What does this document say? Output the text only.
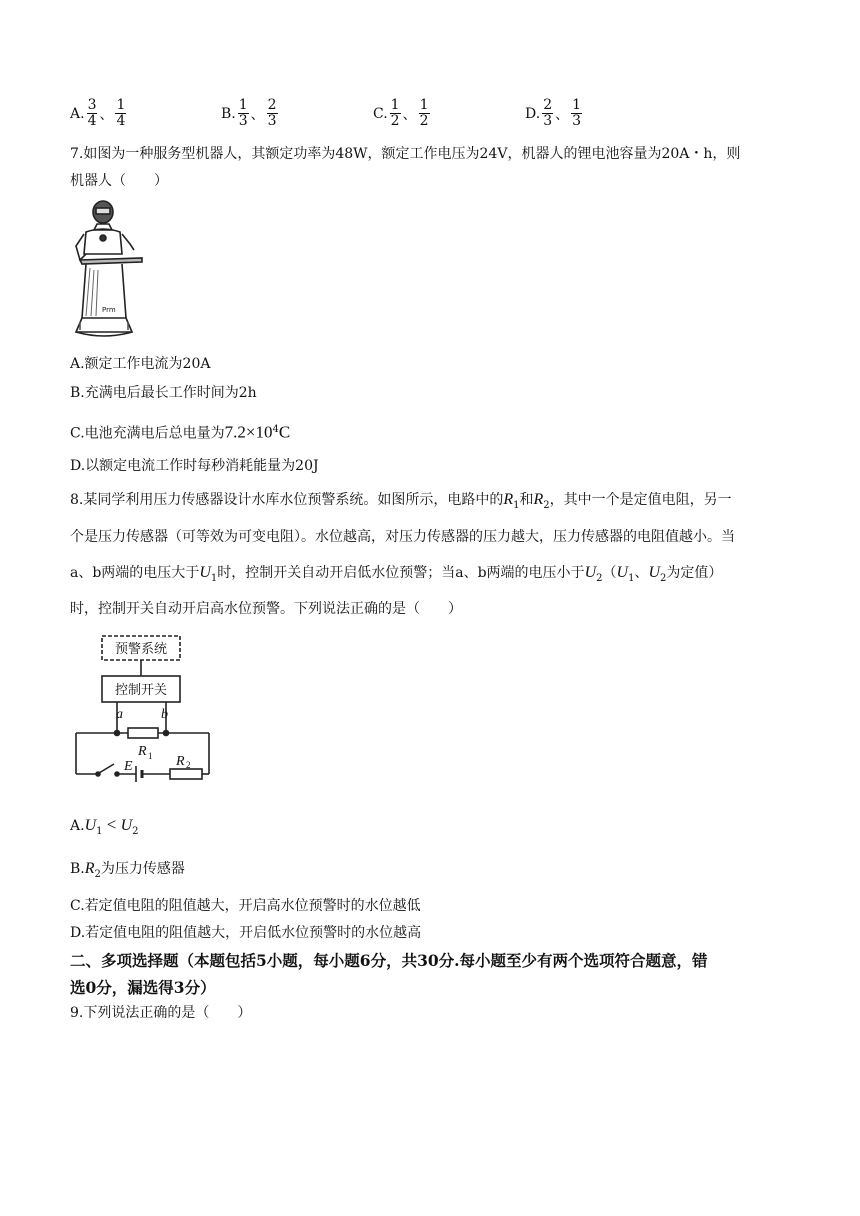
A. $\frac{3}{4}$ 、 $\frac{1}{4}$	B. $\frac{1}{3}$ 、 $\frac{2}{3}$	C. $\frac{1}{2}$ 、 $\frac{1}{2}$	D. $\frac{2}{3}$ 、 $\frac{1}{3}$
7.如图为一种服务型机器人，其额定功率为48W，额定工作电压为24V，机器人的锂电池容量为20A・h，则
机器人（　　）
Prm
A.额定工作电流为20A
B.充满电后最长工作时间为2h
C.电池充满电后总电量为$7.2\times 10^4C$
D.以额定电流工作时每秒消耗能量为20J
8.某同学利用压力传感器设计水库水位预警系统。如图所示，电路中的$R_1$和$R_2$，其中一个是定值电阻，另一
个是压力传感器（可等效为可变电阻）。水位越高，对压力传感器的压力越大，压力传感器的电阻值越小。当
a、b两端的电压大于$U_1$时，控制开关自动开启低水位预警；当a、b两端的电压小于$U_2(U_1$、$U_2$为定值）
时，控制开关自动开启高水位预警。下列说法正确的是（　　）
预警系统
控制开关
a	b
R 1
E	R 2
$A.U_1 < U_2$
$B.R_2$为压力传感器
C.若定值电阻的阻值越大，开启高水位预警时的水位越低
D.若定值电阻的阻值越大，开启低水位预警时的水位越高
二、多项选择题（本题包括5小题，每小题6分，共30分.每小题至少有两个选项符合题意，错
选0分，漏选得3分）
9.下列说法正确的是（　　）
